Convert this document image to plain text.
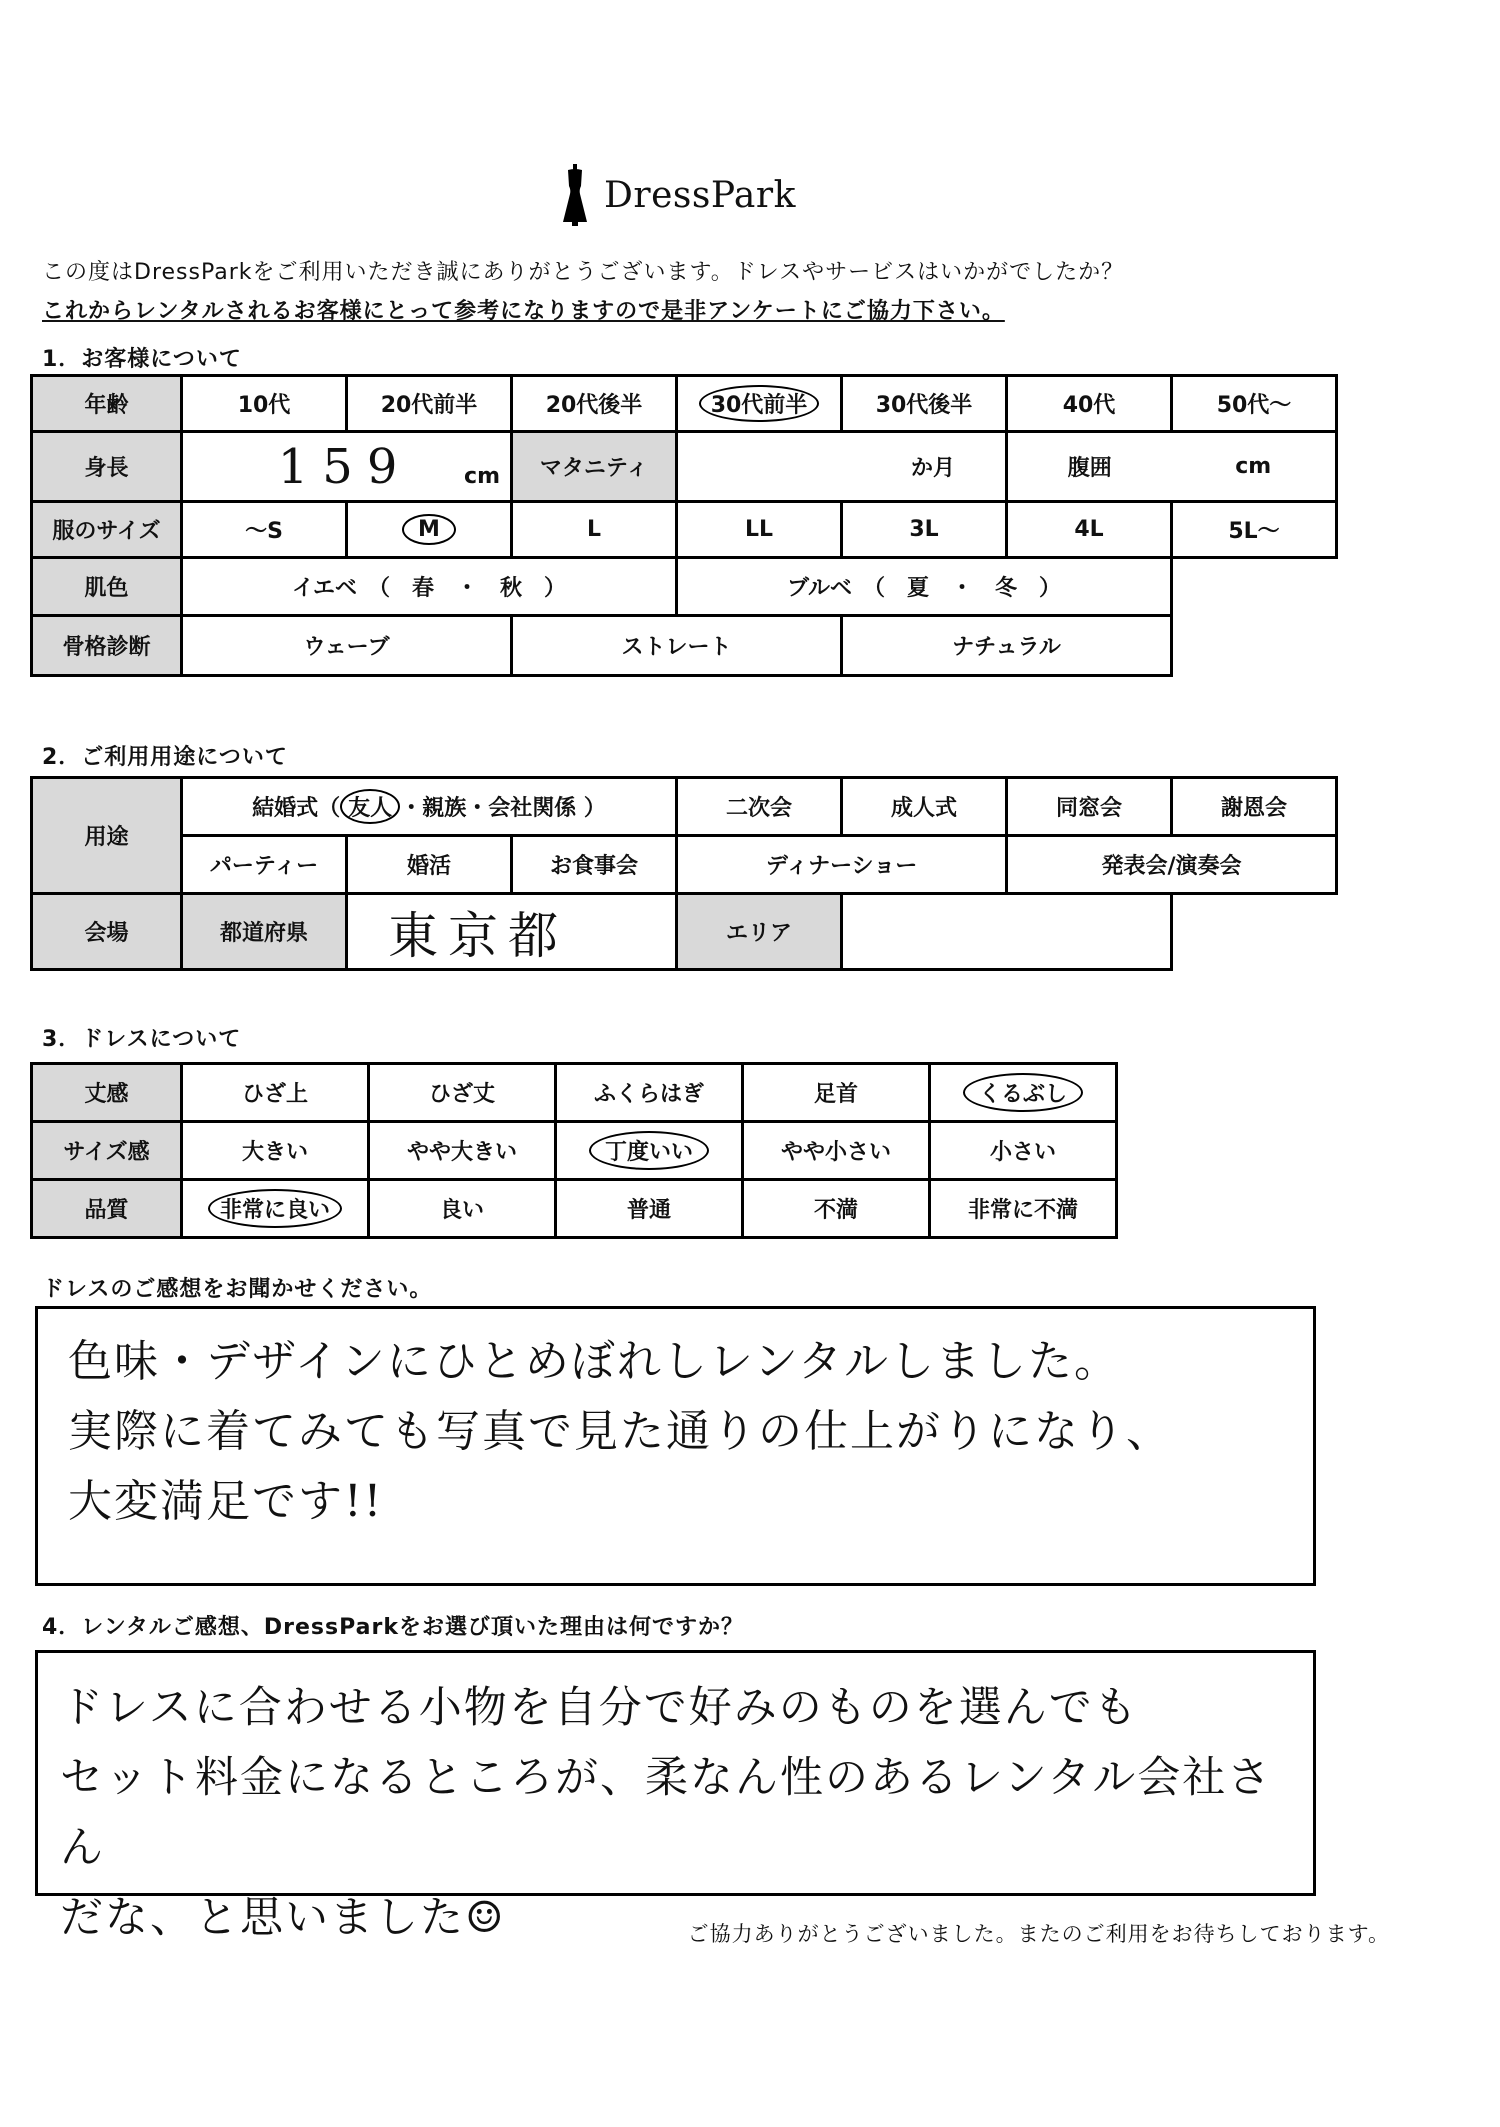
DressPark
この度はDressParkをご利用いただき誠にありがとうございます。ドレスやサービスはいかがでしたか？
これからレンタルされるお客様にとって参考になりますので是非アンケートにご協力下さい。
1．お客様について
年齢	10代	20代前半	20代後半	30代前半	30代後半	40代	50代～
身長	159 cm		マタニティ	か月		腹囲	cm
服のサイズ	～S	M	L	LL	3L	4L	5L～
肌色	イエベ　（　春　・　秋　）			ブルベ　（　夏　・　冬　）			
骨格診断	ウェーブ		ストレート		ナチュラル		
2．ご利用用途について
用途	結婚式（ 友人 ・親族・会社関係 ）			二次会	成人式	同窓会	謝恩会
	パーティー	婚活	お食事会	ディナーショー		発表会/演奏会	
会場	都道府県	東京都		エリア			
3．ドレスについて
丈感	ひざ上	ひざ丈	ふくらはぎ	足首	くるぶし
サイズ感	大きい	やや大きい	丁度いい	やや小さい	小さい
品質	非常に良い	良い	普通	不満	非常に不満
ドレスのご感想をお聞かせください。
色味・デザインにひとめぼれしレンタルしました。
実際に着てみても写真で見た通りの仕上がりになり、
大変満足です!!
4．レンタルご感想、DressParkをお選び頂いた理由は何ですか？
ドレスに合わせる小物を自分で好みのものを選んでも
セット料金になるところが、柔なん性のあるレンタル会社さん
だな、と思いました☺	ご協力ありがとうございました。またのご利用をお待ちしております。
